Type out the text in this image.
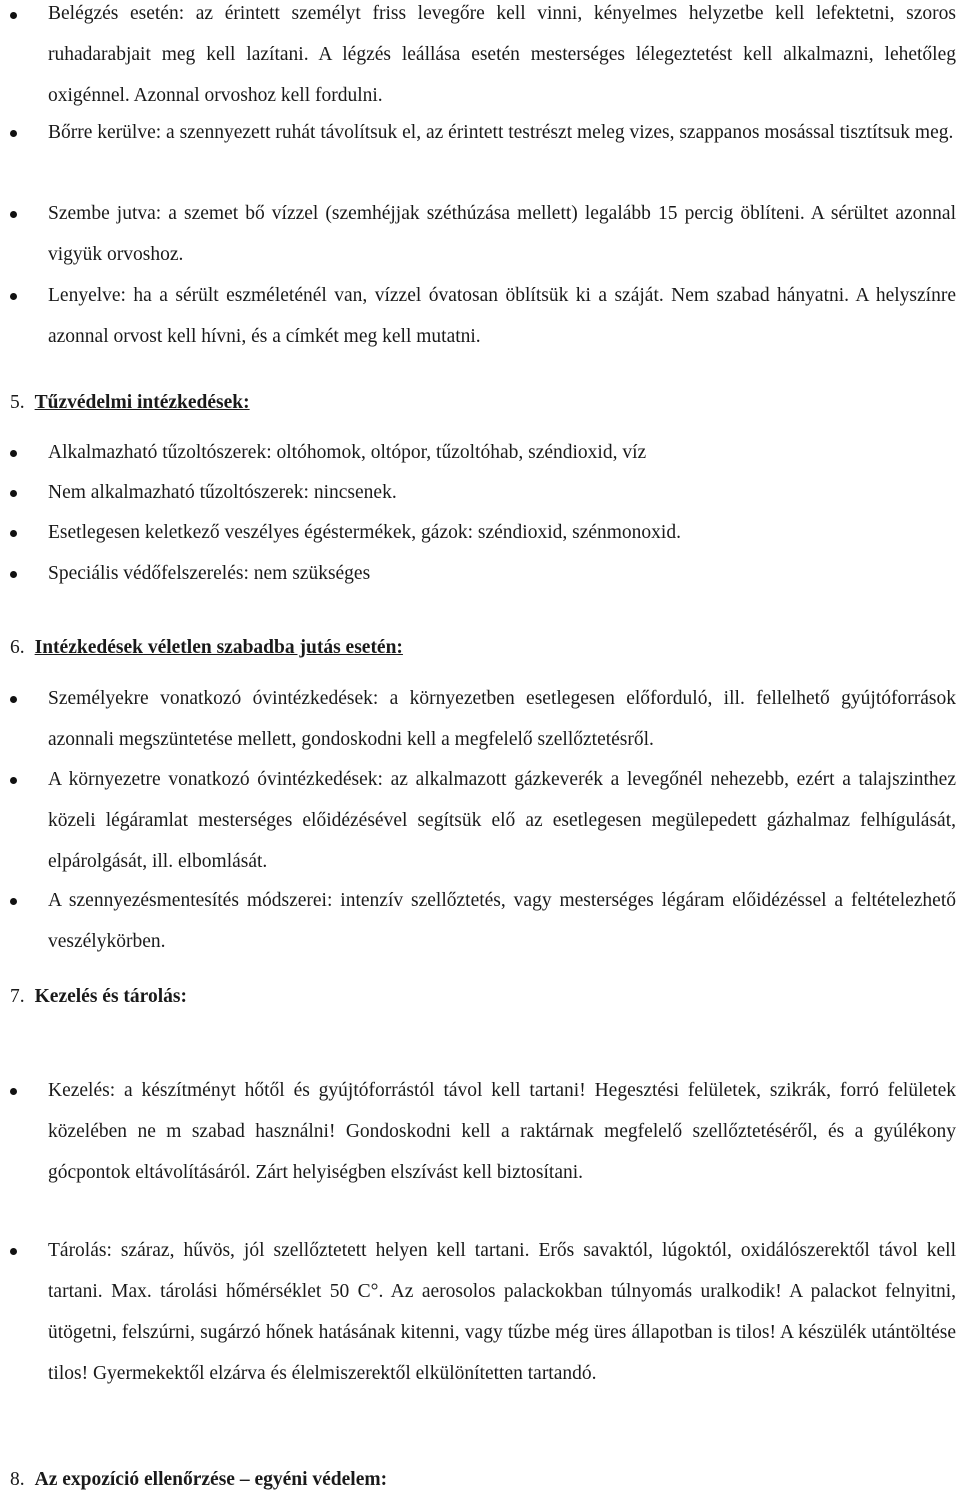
Belégzés esetén: az érintett személyt friss levegőre kell vinni, kényelmes helyzetbe kell lefektetni, szoros ruhadarabjait meg kell lazítani. A légzés leállása esetén mesterséges lélegeztetést kell alkalmazni, lehetőleg oxigénnel. Azonnal orvoshoz kell fordulni.

Bőrre kerülve: a szennyezett ruhát távolítsuk el, az érintett testrészt meleg vizes, szappanos mosással tisztítsuk meg.

Szembe jutva: a szemet bő vízzel (szemhéjjak széthúzása mellett) legalább 15 percig öblíteni. A sérültet azonnal vigyük orvoshoz.

Lenyelve: ha a sérült eszméleténél van, vízzel óvatosan öblítsük ki a száját. Nem szabad hányatni. A helyszínre azonnal orvost kell hívni, és a címkét meg kell mutatni.

5. Tűzvédelmi intézkedések:

Alkalmazható tűzoltószerek: oltóhomok, oltópor, tűzoltóhab, széndioxid, víz

Nem alkalmazható tűzoltószerek: nincsenek.

Esetlegesen keletkező veszélyes égéstermékek, gázok: széndioxid, szénmonoxid.

Speciális védőfelszerelés: nem szükséges

6. Intézkedések véletlen szabadba jutás esetén:

Személyekre vonatkozó óvintézkedések: a környezetben esetlegesen előforduló, ill. fellelhető gyújtóforrások azonnali megszüntetése mellett, gondoskodni kell a megfelelő szellőztetésről.

A környezetre vonatkozó óvintézkedések: az alkalmazott gázkeverék a levegőnél nehezebb, ezért a talajszinthez közeli légáramlat mesterséges előidézésével segítsük elő az esetlegesen megülepedett gázhalmaz felhígulását, elpárolgását, ill. elbomlását.

A szennyezésmentesítés módszerei: intenzív szellőztetés, vagy mesterséges légáram előidézéssel a feltételezhető veszélykörben.

7. Kezelés és tárolás:

Kezelés: a készítményt hőtől és gyújtóforrástól távol kell tartani! Hegesztési felületek, szikrák, forró felületek közelében ne m szabad használni! Gondoskodni kell a raktárnak megfelelő szellőztetéséről, és a gyúlékony gócpontok eltávolításáról. Zárt helyiségben elszívást kell biztosítani.

Tárolás: száraz, hűvös, jól szellőztetett helyen kell tartani. Erős savaktól, lúgoktól, oxidálószerektől távol kell tartani. Max. tárolási hőmérséklet 50 C°. Az aerosolos palackokban túlnyomás uralkodik! A palackot felnyitni, ütögetni, felszúrni, sugárzó hőnek hatásának kitenni, vagy tűzbe még üres állapotban is tilos! A készülék utántöltése tilos! Gyermekektől elzárva és élelmiszerektől elkülönítetten tartandó.

8. Az expozíció ellenőrzése – egyéni védelem:
